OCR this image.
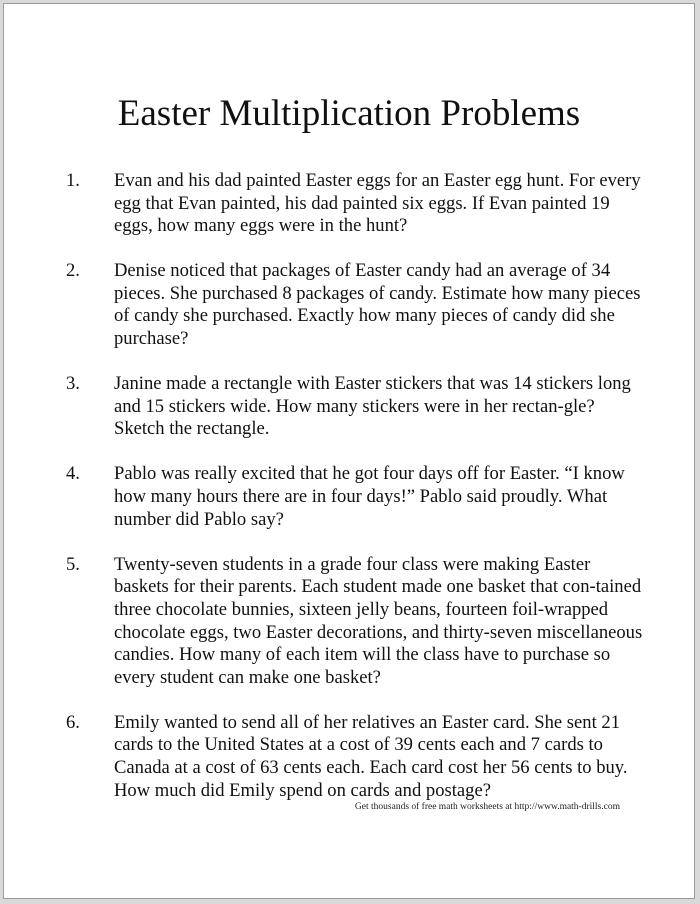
Easter Multiplication Problems
1.	Evan and his dad painted Easter eggs for an Easter egg hunt. For every egg that Evan painted, his dad painted six eggs. If Evan painted 19 eggs, how many eggs were in the hunt?
2.	Denise noticed that packages of Easter candy had an average of 34 pieces. She purchased 8 packages of candy. Estimate how many pieces of candy she purchased. Exactly how many pieces of candy did she purchase?
3.	Janine made a rectangle with Easter stickers that was 14 stickers long and 15 stickers wide. How many stickers were in her rectan-gle? Sketch the rectangle.
4.	Pablo was really excited that he got four days off for Easter. “I know how many hours there are in four days!” Pablo said proudly. What number did Pablo say?
5.	Twenty-seven students in a grade four class were making Easter baskets for their parents. Each student made one basket that con-tained three chocolate bunnies, sixteen jelly beans, fourteen foil-wrapped chocolate eggs, two Easter decorations, and thirty-seven miscellaneous candies. How many of each item will the class have to purchase so every student can make one basket?
6.	Emily wanted to send all of her relatives an Easter card. She sent 21 cards to the United States at a cost of 39 cents each and 7 cards to Canada at a cost of 63 cents each. Each card cost her 56 cents to buy. How much did Emily spend on cards and postage?
Get thousands of free math worksheets at http://www.math-drills.com
